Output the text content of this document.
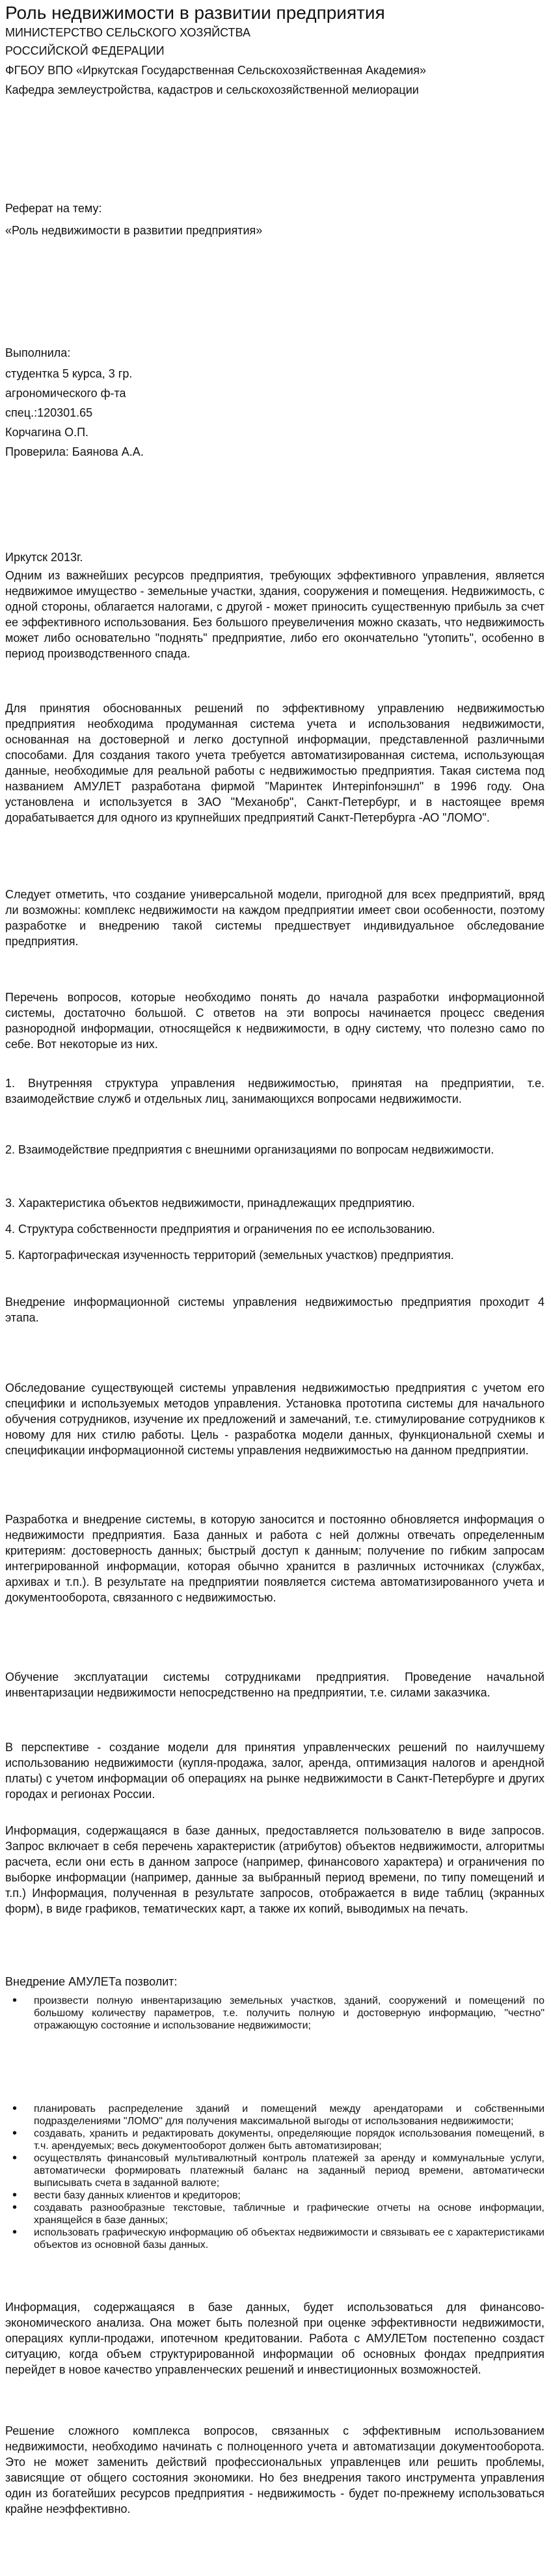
Роль недвижимости в развитии предприятия
МИНИСТЕРСТВО СЕЛЬСКОГО ХОЗЯЙСТВА
РОССИЙСКОЙ ФЕДЕРАЦИИ
ФГБОУ ВПО «Иркутская Государственная Сельскохозяйственная Академия»
Кафедра землеустройства, кадастров и сельскохозяйственной мелиорации
Реферат на тему:
«Роль недвижимости в развитии предприятия»
Выполнила:
студентка 5 курса, 3 гр.
агрономического ф-та
спец.:120301.65
Корчагина О.П.
Проверила: Баянова А.А.
Иркутск 2013г.
Одним из важнейших ресурсов предприятия, требующих эффективного управления, является недвижимое имущество - земельные участки, здания, сооружения и помещения. Недвижимость, с одной стороны, облагается налогами, с другой - может приносить существенную прибыль за счет ее эффективного использования. Без большого преувеличения можно сказать, что недвижимость может либо основательно "поднять" предприятие, либо его окончательно "утопить", особенно в период производственного спада.
Для принятия обоснованных решений по эффективному управлению недвижимостью предприятия необходима продуманная система учета и использования недвижимости, основанная на достоверной и легко доступной информации, представленной различными способами. Для создания такого учета требуется автоматизированная система, использующая данные, необходимые для реальной работы с недвижимостью предприятия. Такая система под названием АМУЛЕТ разработана фирмой "Маринтек Интерinfoнэшнл" в 1996 году. Она установлена и используется в ЗАО "Механобр", Санкт-Петербург, и в настоящее время дорабатывается для одного из крупнейших предприятий Санкт-Петербурга -АО "ЛОМО".
Следует отметить, что создание универсальной модели, пригодной для всех предприятий, вряд ли возможны: комплекс недвижимости на каждом предприятии имеет свои особенности, поэтому разработке и внедрению такой системы предшествует индивидуальное обследование предприятия.
Перечень вопросов, которые необходимо понять до начала разработки информационной системы, достаточно большой. С ответов на эти вопросы начинается процесс сведения разнородной информации, относящейся к недвижимости, в одну систему, что полезно само по себе. Вот некоторые из них.
1. Внутренняя структура управления недвижимостью, принятая на предприятии, т.е. взаимодействие служб и отдельных лиц, занимающихся вопросами недвижимости.
2. Взаимодействие предприятия с внешними организациями по вопросам недвижимости.
3. Характеристика объектов недвижимости, принадлежащих предприятию.
4. Структура собственности предприятия и ограничения по ее использованию.
5. Картографическая изученность территорий (земельных участков) предприятия.
Внедрение информационной системы управления недвижимостью предприятия проходит 4 этапа.
Обследование существующей системы управления недвижимостью предприятия с учетом его специфики и используемых методов управления. Установка прототипа системы для начального обучения сотрудников, изучение их предложений и замечаний, т.е. стимулирование сотрудников к новому для них стилю работы. Цель - разработка модели данных, функциональной схемы и спецификации информационной системы управления недвижимостью на данном предприятии.
Разработка и внедрение системы, в которую заносится и постоянно обновляется информация о недвижимости предприятия. База данных и работа с ней должны отвечать определенным критериям: достоверность данных; быстрый доступ к данным; получение по гибким запросам интегрированной информации, которая обычно хранится в различных источниках (службах, архивах и т.п.). В результате на предприятии появляется система автоматизированного учета и документооборота, связанного с недвижимостью.
Обучение эксплуатации системы сотрудниками предприятия. Проведение начальной инвентаризации недвижимости непосредственно на предприятии, т.е. силами заказчика.
В перспективе - создание модели для принятия управленческих решений по наилучшему использованию недвижимости (купля-продажа, залог, аренда, оптимизация налогов и арендной платы) с учетом информации об операциях на рынке недвижимости в Санкт-Петербурге и других городах и регионах России.
Информация, содержащаяся в базе данных, предоставляется пользователю в виде запросов. Запрос включает в себя перечень характеристик (атрибутов) объектов недвижимости, алгоритмы расчета, если они есть в данном запросе (например, финансового характера) и ограничения по выборке информации (например, данные за выбранный период времени, по типу помещений и т.п.) Информация, полученная в результате запросов, отображается в виде таблиц (экранных форм), в виде графиков, тематических карт, а также их копий, выводимых на печать.
Внедрение АМУЛЕТа позволит:
• произвести полную инвентаризацию земельных участков, зданий, сооружений и помещений по большому количеству параметров, т.е. получить полную и достоверную информацию, "честно" отражающую состояние и использование недвижимости;
• планировать распределение зданий и помещений между арендаторами и собственными подразделениями "ЛОМО" для получения максимальной выгоды от использования недвижимости;
• создавать, хранить и редактировать документы, определяющие порядок использования помещений, в т.ч. арендуемых; весь документооборот должен быть автоматизирован;
• осуществлять финансовый мультивалютный контроль платежей за аренду и коммунальные услуги, автоматически формировать платежный баланс на заданный период времени, автоматически выписывать счета в заданной валюте;
• вести базу данных клиентов и кредиторов;
• создавать разнообразные текстовые, табличные и графические отчеты на основе информации, хранящейся в базе данных;
• использовать графическую информацию об объектах недвижимости и связывать ее с характеристиками объектов из основной базы данных.
Информация, содержащаяся в базе данных, будет использоваться для финансово-экономического анализа. Она может быть полезной при оценке эффективности недвижимости, операциях купли-продажи, ипотечном кредитовании. Работа с АМУЛЕТом постепенно создаст ситуацию, когда объем структурированной информации об основных фондах предприятия перейдет в новое качество управленческих решений и инвестиционных возможностей.
Решение сложного комплекса вопросов, связанных с эффективным использованием недвижимости, необходимо начинать с полноценного учета и автоматизации документооборота. Это не может заменить действий профессиональных управленцев или решить проблемы, зависящие от общего состояния экономики. Но без внедрения такого инструмента управления один из богатейших ресурсов предприятия - недвижимость - будет по-прежнему использоваться крайне неэффективно.
